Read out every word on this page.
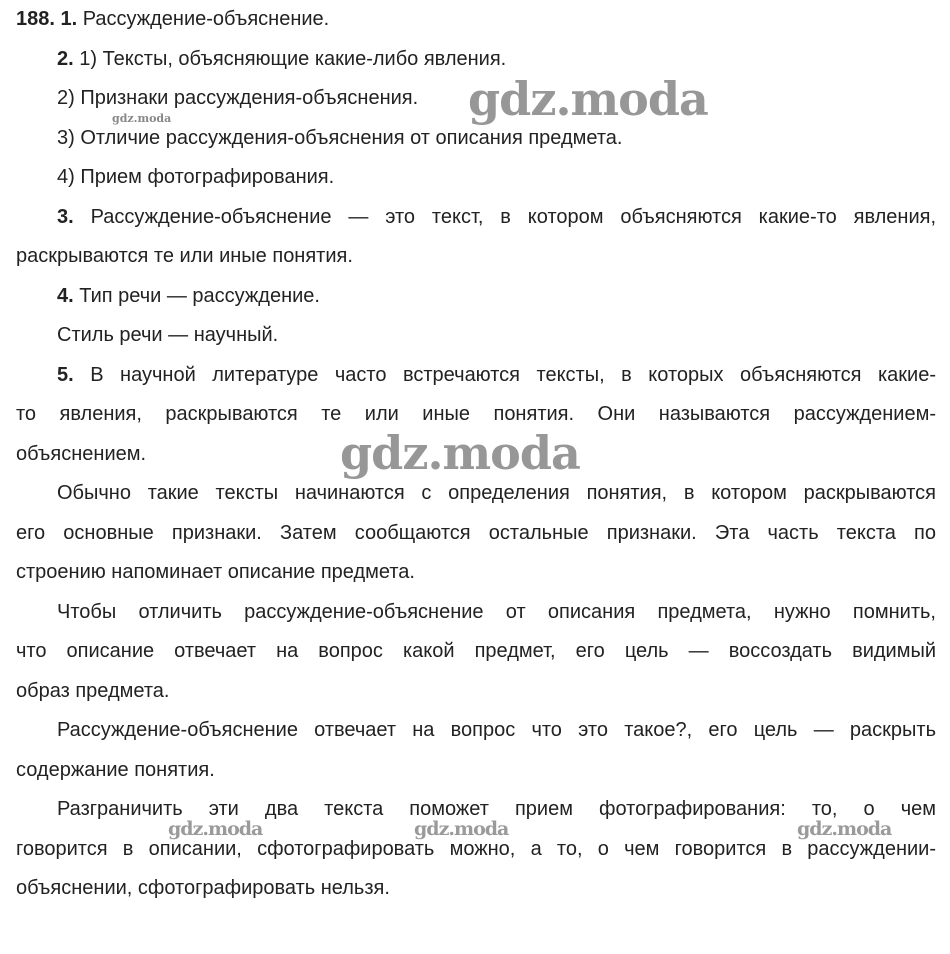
188. 1. Рассуждение-объяснение.
2. 1) Тексты, объясняющие какие-либо явления.
2) Признаки рассуждения-объяснения.
3) Отличие рассуждения-объяснения от описания предмета.
4) Прием фотографирования.
3. Рассуждение-объяснение — это текст, в котором объясняются какие-то явления,
раскрываются те или иные понятия.
4. Тип речи — рассуждение.
Стиль речи — научный.
5. В научной литературе часто встречаются тексты, в которых объясняются какие-
то явления, раскрываются те или иные понятия. Они называются рассуждением-
объяснением.
Обычно такие тексты начинаются с определения понятия, в котором раскрываются
его основные признаки. Затем сообщаются остальные признаки. Эта часть текста по
строению напоминает описание предмета.
Чтобы отличить рассуждение-объяснение от описания предмета, нужно помнить,
что описание отвечает на вопрос какой предмет, его цель — воссоздать видимый
образ предмета.
Рассуждение-объяснение отвечает на вопрос что это такое?, его цель — раскрыть
содержание понятия.
Разграничить эти два текста поможет прием фотографирования: то, о чем
говорится в описании, сфотографировать можно, а то, о чем говорится в рассуждении-
объяснении, сфотографировать нельзя.
gdz.moda
gdz.moda
gdz.moda
gdz.moda	gdz.moda	gdz.moda
